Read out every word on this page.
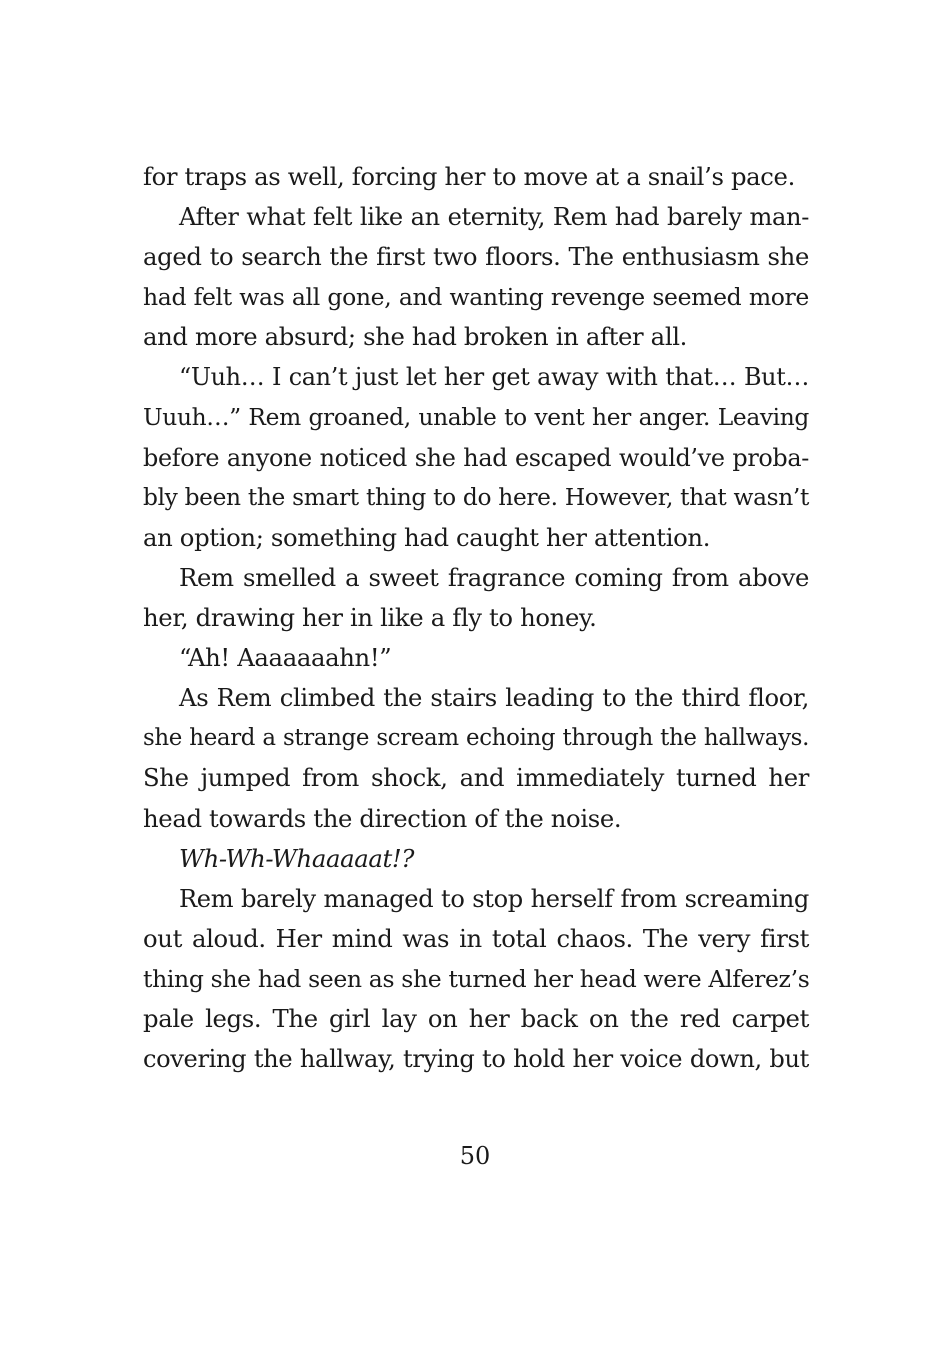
for traps as well, forcing her to move at a snail’s pace.
After what felt like an eternity, Rem had barely man-
aged to search the first two floors. The enthusiasm she
had felt was all gone, and wanting revenge seemed more
and more absurd; she had broken in after all.
“Uuh… I can’t just let her get away with that… But…
Uuuh…” Rem groaned, unable to vent her anger. Leaving
before anyone noticed she had escaped would’ve proba-
bly been the smart thing to do here. However, that wasn’t
an option; something had caught her attention.
Rem smelled a sweet fragrance coming from above
her, drawing her in like a fly to honey.
“Ah! Aaaaaaahn!”
As Rem climbed the stairs leading to the third floor,
she heard a strange scream echoing through the hallways.
She jumped from shock, and immediately turned her
head towards the direction of the noise.
Wh-Wh-Whaaaaat!?
Rem barely managed to stop herself from screaming
out aloud. Her mind was in total chaos. The very first
thing she had seen as she turned her head were Alferez’s
pale legs. The girl lay on her back on the red carpet
covering the hallway, trying to hold her voice down, but
50
